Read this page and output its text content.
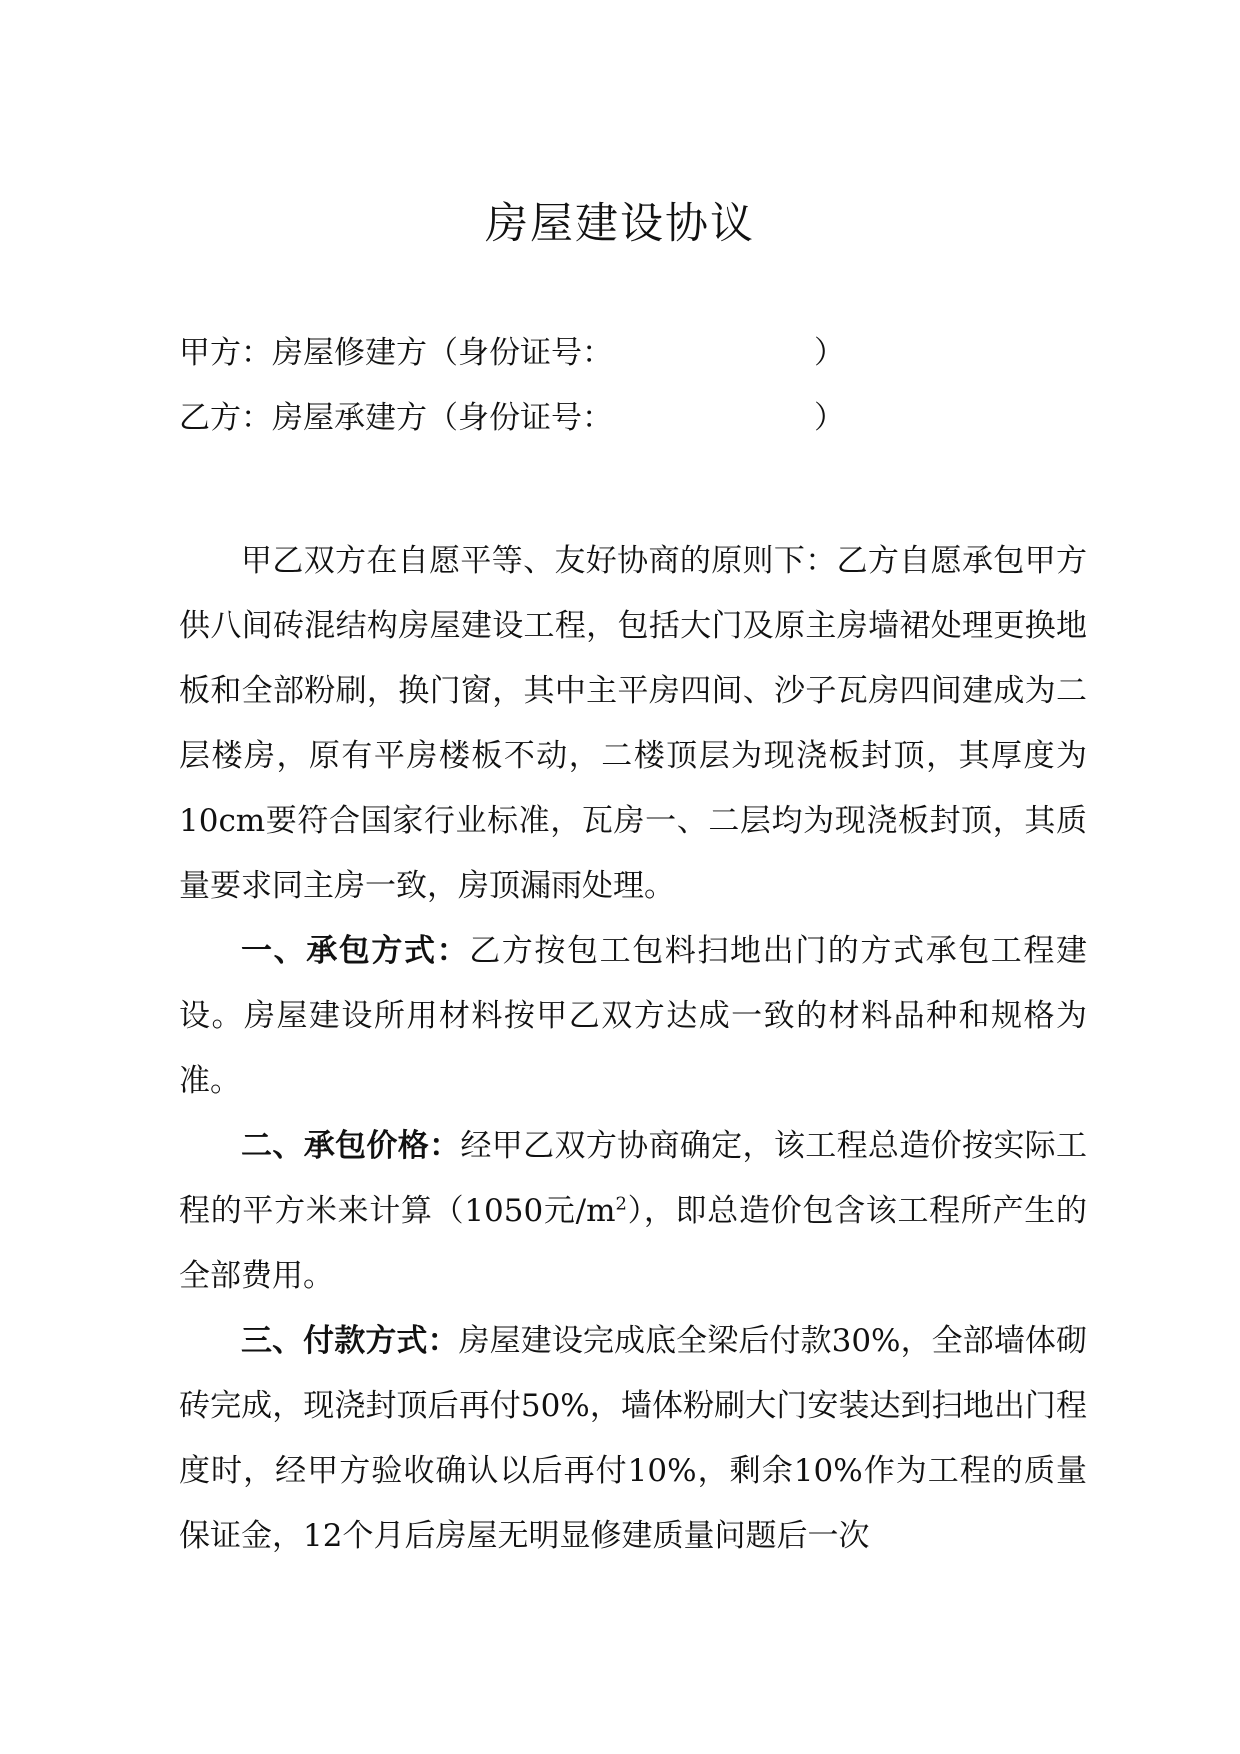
房屋建设协议
甲方：房屋修建方（身份证号：	）
乙方：房屋承建方（身份证号：	）

甲乙双方在自愿平等、友好协商的原则下：乙方自愿承包甲方供八间砖混结构房屋建设工程，包括大门及原主房墙裙处理更换地板和全部粉刷，换门窗，其中主平房四间、沙子瓦房四间建成为二层楼房，原有平房楼板不动，二楼顶层为现浇板封顶，其厚度为10cm要符合国家行业标准，瓦房一、二层均为现浇板封顶，其质量要求同主房一致，房顶漏雨处理。

一、承包方式：乙方按包工包料扫地出门的方式承包工程建设。房屋建设所用材料按甲乙双方达成一致的材料品种和规格为准。

二、承包价格：经甲乙双方协商确定，该工程总造价按实际工程的平方米来计算（1050元$/m^2$），即总造价包含该工程所产生的全部费用。

三、付款方式：房屋建设完成底全梁后付款30%，全部墙体砌砖完成，现浇封顶后再付50%，墙体粉刷大门安装达到扫地出门程度时，经甲方验收确认以后再付10%，剩余10%作为工程的质量保证金，12个月后房屋无明显修建质量问题后一次
